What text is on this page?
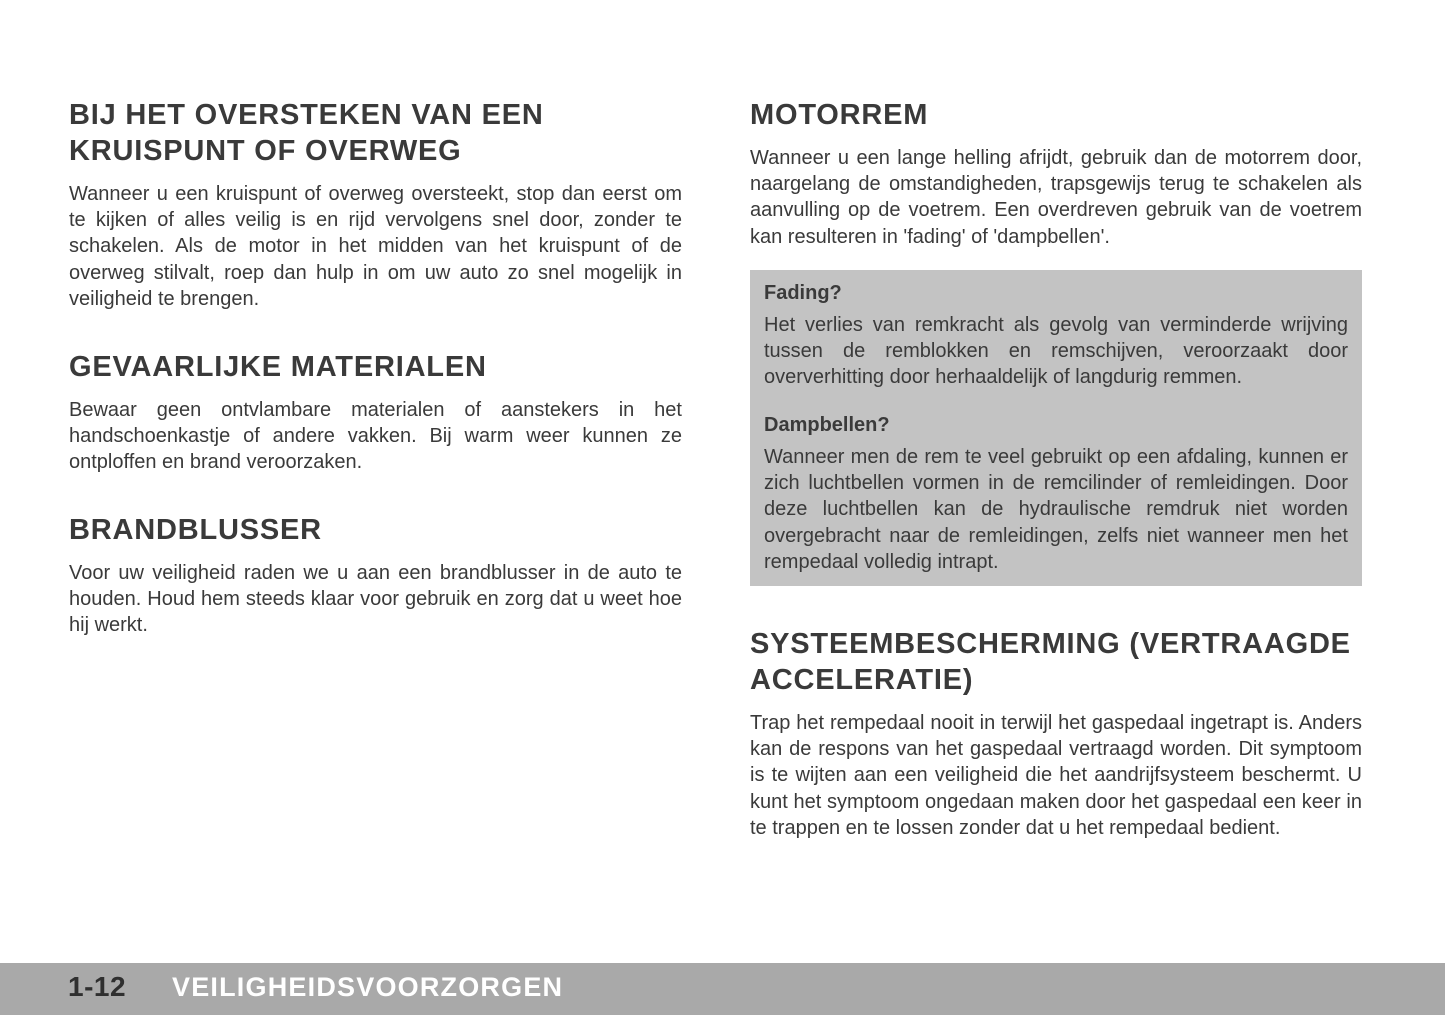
BIJ HET OVERSTEKEN VAN EEN KRUISPUNT OF OVERWEG

Wanneer u een kruispunt of overweg oversteekt, stop dan eerst om te kijken of alles veilig is en rijd vervolgens snel door, zonder te schakelen. Als de motor in het midden van het kruispunt of de overweg stilvalt, roep dan hulp in om uw auto zo snel mogelijk in veiligheid te brengen.

GEVAARLIJKE MATERIALEN

Bewaar geen ontvlambare materialen of aanstekers in het handschoenkastje of andere vakken. Bij warm weer kunnen ze ontploffen en brand veroorzaken.

BRANDBLUSSER

Voor uw veiligheid raden we u aan een brandblusser in de auto te houden. Houd hem steeds klaar voor gebruik en zorg dat u weet hoe hij werkt.

MOTORREM

Wanneer u een lange helling afrijdt, gebruik dan de motorrem door, naargelang de omstandigheden, trapsgewijs terug te schakelen als aanvulling op de voetrem. Een overdreven gebruik van de voetrem kan resulteren in 'fading' of 'dampbellen'.

Fading?

Het verlies van remkracht als gevolg van verminderde wrijving tussen de remblokken en remschijven, veroorzaakt door oververhitting door herhaaldelijk of langdurig remmen.

Dampbellen?

Wanneer men de rem te veel gebruikt op een afdaling, kunnen er zich luchtbellen vormen in de remcilinder of remleidingen. Door deze luchtbellen kan de hydraulische remdruk niet worden overgebracht naar de remleidingen, zelfs niet wanneer men het rempedaal volledig intrapt.

SYSTEEMBESCHERMING (VERTRAAGDE ACCELERATIE)

Trap het rempedaal nooit in terwijl het gaspedaal ingetrapt is. Anders kan de respons van het gaspedaal vertraagd worden. Dit symptoom is te wijten aan een veiligheid die het aandrijfsysteem beschermt. U kunt het symptoom ongedaan maken door het gaspedaal een keer in te trappen en te lossen zonder dat u het rempedaal bedient.

1-12 VEILIGHEIDSVOORZORGEN
